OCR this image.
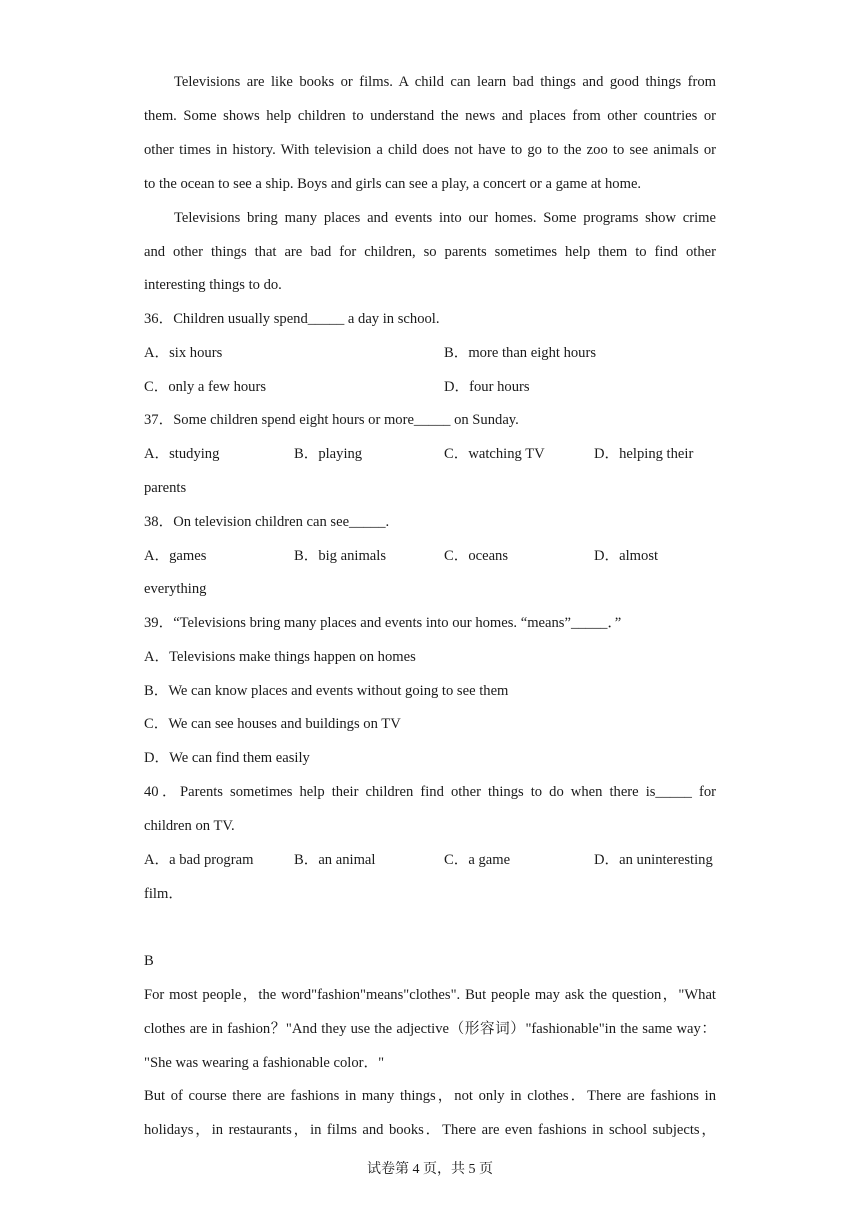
Televisions are like books or films. A child can learn bad things and good things from
them. Some shows help children to understand the news and places from other countries or
other times in history. With television a child does not have to go to the zoo to see animals or
to the ocean to see a ship. Boys and girls can see a play, a concert or a game at home.
Televisions bring many places and events into our homes. Some programs show crime
and other things that are bad for children, so parents sometimes help them to find other
interesting things to do.
36．Children usually spend_____ a day in school.
A．six hours	B．more than eight hours
C．only a few hours	D．four hours
37．Some children spend eight hours or more_____ on Sunday.
A．studying	B．playing	C．watching TV	D．helping their
parents
38．On television children can see_____.
A．games	B．big animals	C．oceans	D．almost
everything
39．“Televisions bring many places and events into our homes. “means”_____．”
A．Televisions make things happen on homes
B．We can know places and events without going to see them
C．We can see houses and buildings on TV
D．We can find them easily
40．Parents sometimes help their children find other things to do when there is_____ for
children on TV.
A．a bad program	B．an animal	C．a game	D．an uninteresting
film．
B
For most people，the word"fashion"means"clothes". But people may ask the question，"What
clothes are in fashion？"And they use the adjective（形容词）"fashionable"in the same way：
"She was wearing a fashionable color．"
But of course there are fashions in many things，not only in clothes．There are fashions in
holidays，in restaurants，in films and books．There are even fashions in school subjects，
试卷第 4 页，共 5 页
